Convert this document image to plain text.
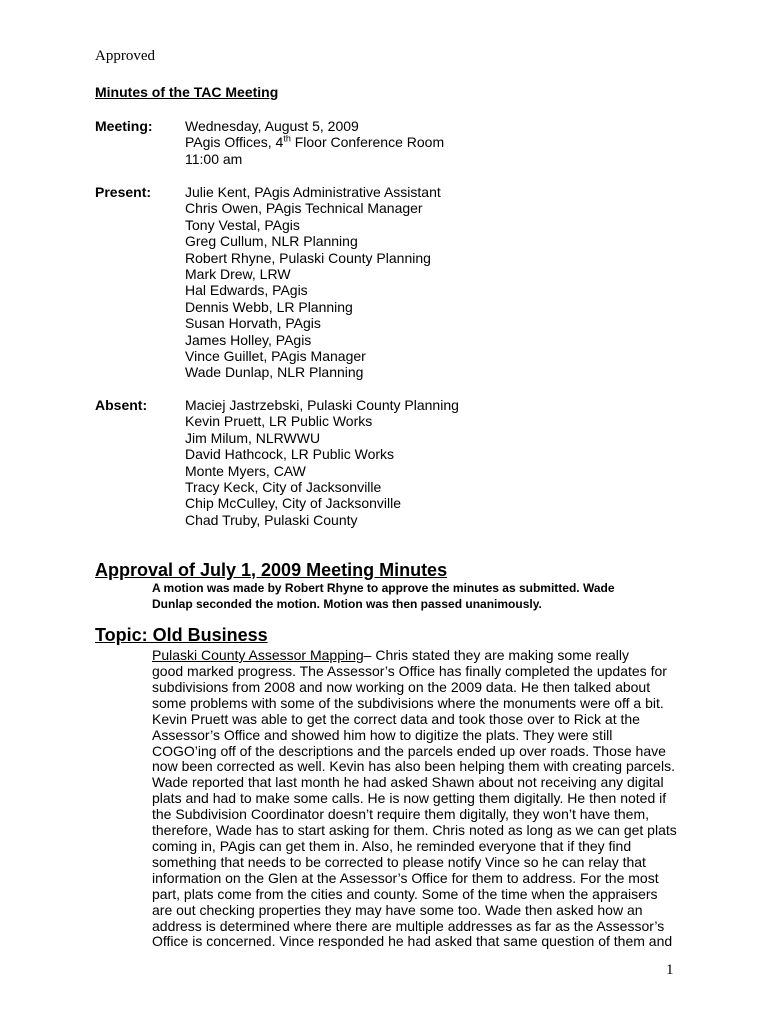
Approved
Minutes of the TAC Meeting
Meeting: Wednesday, August 5, 2009
PAgis Offices, 4th Floor Conference Room
11:00 am
Present: Julie Kent, PAgis Administrative Assistant
Chris Owen, PAgis Technical Manager
Tony Vestal, PAgis
Greg Cullum, NLR Planning
Robert Rhyne, Pulaski County Planning
Mark Drew, LRW
Hal Edwards, PAgis
Dennis Webb, LR Planning
Susan Horvath, PAgis
James Holley, PAgis
Vince Guillet, PAgis Manager
Wade Dunlap, NLR Planning
Absent:	Maciej Jastrzebski, Pulaski County Planning
Kevin Pruett, LR Public Works
Jim Milum, NLRWWU
David Hathcock, LR Public Works
Monte Myers, CAW
Tracy Keck, City of Jacksonville
Chip McCulley, City of Jacksonville
Chad Truby, Pulaski County
Approval of July 1, 2009 Meeting Minutes
A motion was made by Robert Rhyne to approve the minutes as submitted. Wade
Dunlap seconded the motion. Motion was then passed unanimously.
Topic: Old Business
Pulaski County Assessor Mapping– Chris stated they are making some really
good marked progress. The Assessor’s Office has finally completed the updates for
subdivisions from 2008 and now working on the 2009 data. He then talked about
some problems with some of the subdivisions where the monuments were off a bit.
Kevin Pruett was able to get the correct data and took those over to Rick at the
Assessor’s Office and showed him how to digitize the plats. They were still
COGO’ing off of the descriptions and the parcels ended up over roads. Those have
now been corrected as well. Kevin has also been helping them with creating parcels.
Wade reported that last month he had asked Shawn about not receiving any digital
plats and had to make some calls. He is now getting them digitally. He then noted if
the Subdivision Coordinator doesn’t require them digitally, they won’t have them,
therefore, Wade has to start asking for them. Chris noted as long as we can get plats
coming in, PAgis can get them in. Also, he reminded everyone that if they find
something that needs to be corrected to please notify Vince so he can relay that
information on the Glen at the Assessor’s Office for them to address. For the most
part, plats come from the cities and county. Some of the time when the appraisers
are out checking properties they may have some too. Wade then asked how an
address is determined where there are multiple addresses as far as the Assessor’s
Office is concerned. Vince responded he had asked that same question of them and
1
